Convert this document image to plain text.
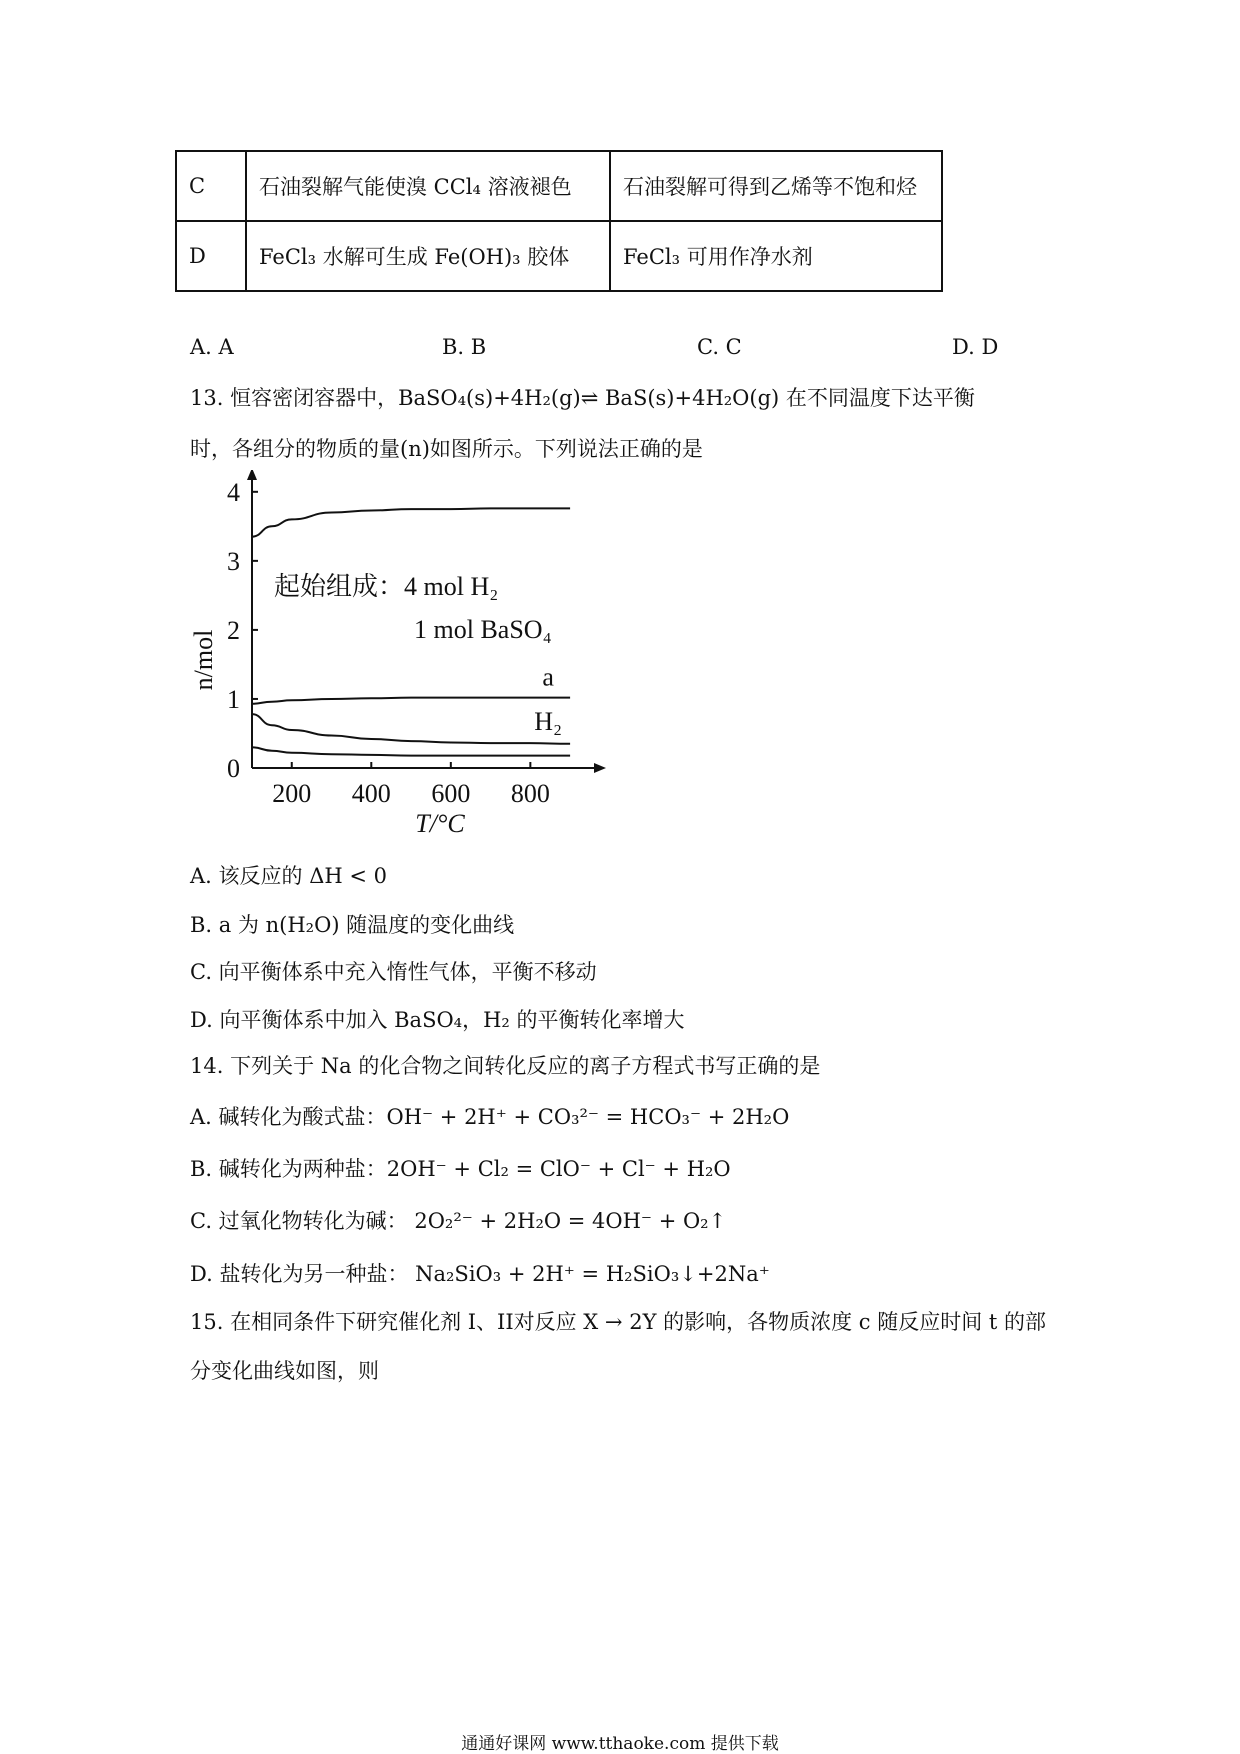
C	石油裂解气能使溴 CCl₄ 溶液褪色	石油裂解可得到乙烯等不饱和烃
D	FeCl₃ 水解可生成 Fe(OH)₃ 胶体	FeCl₃ 可用作净水剂
A. A	B. B	C. C	D. D
13. 恒容密闭容器中，BaSO₄(s)+4H₂(g)⇌ BaS(s)+4H₂O(g) 在不同温度下达平衡
时，各组分的物质的量(n)如图所示。下列说法正确的是
200 400 600 800
0
1
2
3
4
a
H₂
n/mol
T/°C
起始组成：4 mol H₂
1 mol BaSO₄
A. 该反应的 ΔH < 0
B. a 为 n(H₂O) 随温度的变化曲线
C. 向平衡体系中充入惰性气体，平衡不移动
D. 向平衡体系中加入 BaSO₄，H₂ 的平衡转化率增大
14. 下列关于 Na 的化合物之间转化反应的离子方程式书写正确的是
A. 碱转化为酸式盐：OH⁻ + 2H⁺ + CO₃²⁻ = HCO₃⁻ + 2H₂O
B. 碱转化为两种盐：2OH⁻ + Cl₂ = ClO⁻ + Cl⁻ + H₂O
C. 过氧化物转化为碱： 2O₂²⁻ + 2H₂O = 4OH⁻ + O₂↑
D. 盐转化为另一种盐： Na₂SiO₃ + 2H⁺ = H₂SiO₃↓+2Na⁺
15. 在相同条件下研究催化剂 I、II对反应 X → 2Y 的影响，各物质浓度 c 随反应时间 t 的部
分变化曲线如图，则
通通好课网 www.tthaoke.com 提供下载
